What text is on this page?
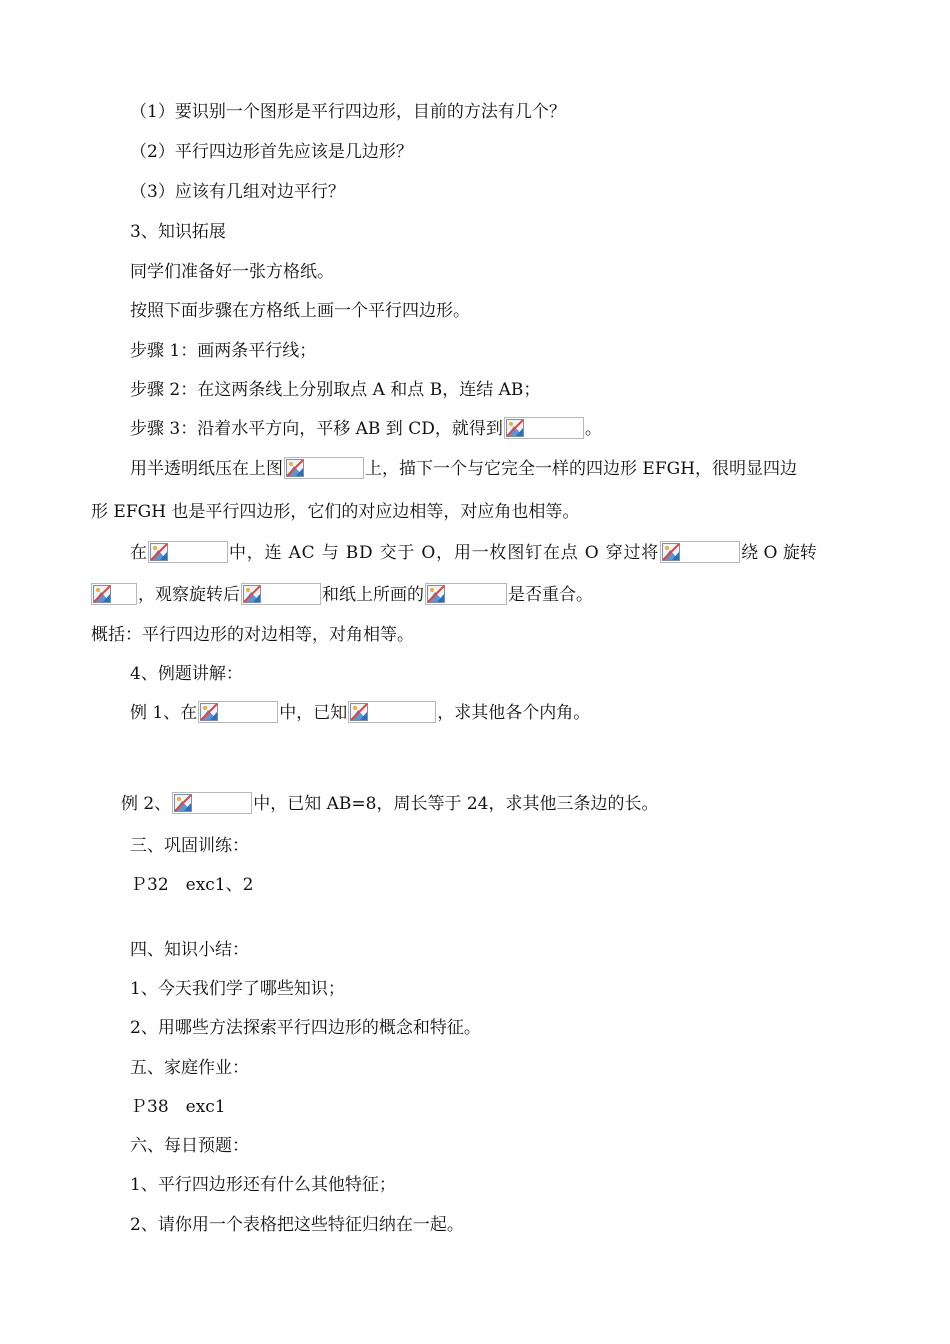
（1）要识别一个图形是平行四边形，目前的方法有几个？
（2）平行四边形首先应该是几边形？
（3）应该有几组对边平行？
3、知识拓展
同学们准备好一张方格纸。
按照下面步骤在方格纸上画一个平行四边形。
步骤 1：画两条平行线；
步骤 2：在这两条线上分别取点 A 和点 B，连结 AB；
步骤 3：沿着水平方向，平移 AB 到 CD，就得到	。
用半透明纸压在上图	上，描下一个与它完全一样的四边形 EFGH，很明显四边
形 EFGH 也是平行四边形，它们的对应边相等，对应角也相等。
在	中，连 AC 与 BD 交于 O，用一枚图钉在点 O 穿过将	绕 O 旋转
，观察旋转后	和纸上所画的	是否重合。
概括：平行四边形的对边相等，对角相等。
4、例题讲解：
例 1、在	中，已知	，求其他各个内角。
例 2、	中，已知 AB=8，周长等于 24，求其他三条边的长。
三、巩固训练：
Ｐ32　exc1、2
四、知识小结：
1、今天我们学了哪些知识；
2、用哪些方法探索平行四边形的概念和特征。
五、家庭作业：
Ｐ38　exc1
六、每日预题：
1、平行四边形还有什么其他特征；
2、请你用一个表格把这些特征归纳在一起。
